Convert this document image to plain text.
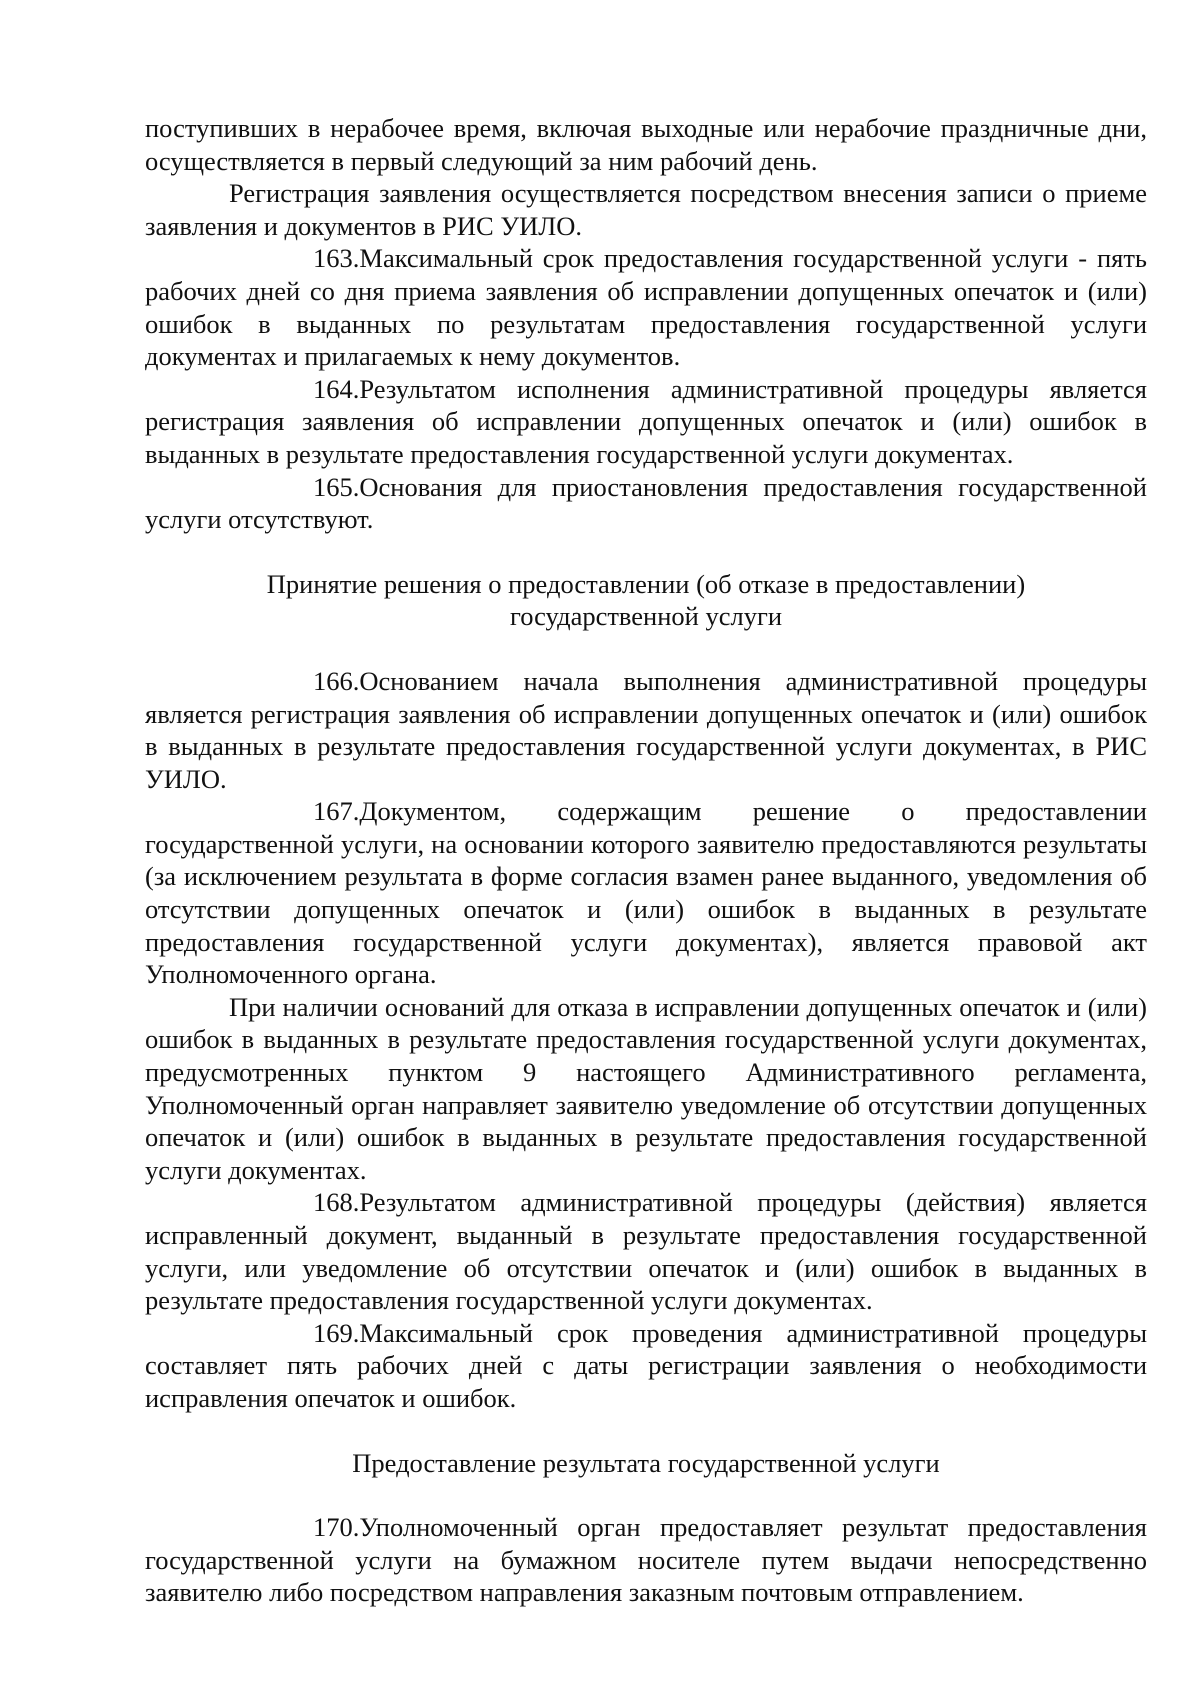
поступивших в нерабочее время, включая выходные или нерабочие праздничные дни, осуществляется в первый следующий за ним рабочий день.

Регистрация заявления осуществляется посредством внесения записи о приеме заявления и документов в РИС УИЛО.

163.Максимальный срок предоставления государственной услуги - пять рабочих дней со дня приема заявления об исправлении допущенных опечаток и (или) ошибок в выданных по результатам предоставления государственной услуги документах и прилагаемых к нему документов.

164.Результатом исполнения административной процедуры является регистрация заявления об исправлении допущенных опечаток и (или) ошибок в выданных в результате предоставления государственной услуги документах.

165.Основания для приостановления предоставления государственной услуги отсутствуют.

Принятие решения о предоставлении (об отказе в предоставлении)

государственной услуги

166.Основанием начала выполнения административной процедуры является регистрация заявления об исправлении допущенных опечаток и (или) ошибок в выданных в результате предоставления государственной услуги документах, в РИС УИЛО.

167.Документом, содержащим решение о предоставлении государственной услуги, на основании которого заявителю предоставляются результаты (за исключением результата в форме согласия взамен ранее выданного, уведомления об отсутствии допущенных опечаток и (или) ошибок в выданных в результате предоставления государственной услуги документах), является правовой акт Уполномоченного органа.

При наличии оснований для отказа в исправлении допущенных опечаток и (или) ошибок в выданных в результате предоставления государственной услуги документах, предусмотренных пунктом 9 настоящего Административного регламента, Уполномоченный орган направляет заявителю уведомление об отсутствии допущенных опечаток и (или) ошибок в выданных в результате предоставления государственной услуги документах.

168.Результатом административной процедуры (действия) является исправленный документ, выданный в результате предоставления государственной услуги, или уведомление об отсутствии опечаток и (или) ошибок в выданных в результате предоставления государственной услуги документах.

169.Максимальный срок проведения административной процедуры составляет пять рабочих дней с даты регистрации заявления о необходимости исправления опечаток и ошибок.

Предоставление результата государственной услуги

170.Уполномоченный орган предоставляет результат предоставления государственной услуги на бумажном носителе путем выдачи непосредственно заявителю либо посредством направления заказным почтовым отправлением.
